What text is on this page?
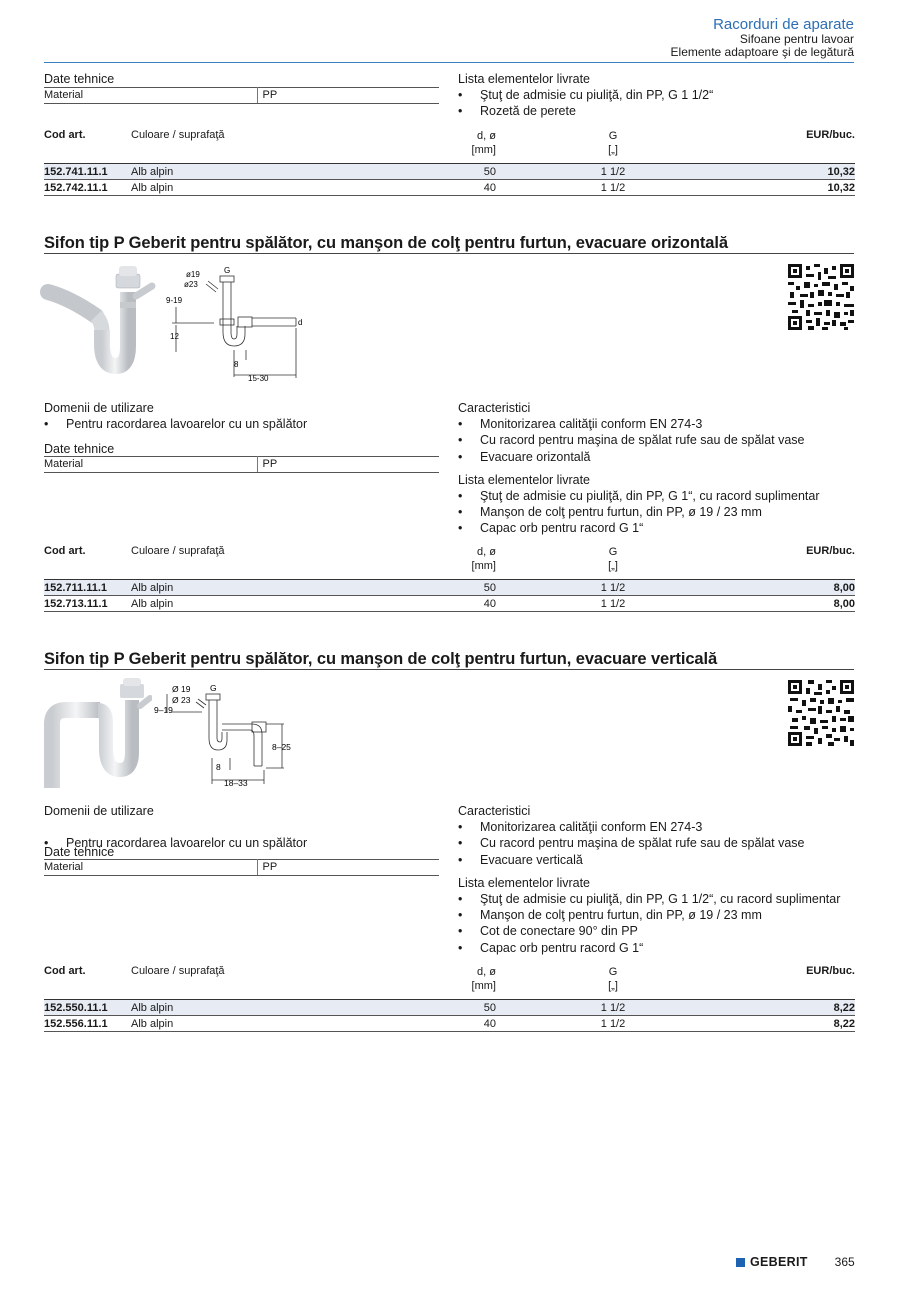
Racorduri de aparate
Sifoane pentru lavoar
Elemente adaptoare şi de legătură
Date tehnice
Material	PP
Lista elementelor livrate
• Ştuţ de admisie cu piuliţă, din PP, G 1 1/2“
• Rozetă de perete
Cod art.	Culoare / suprafaţă	d, ø
[mm]
G
[„]
EUR/buc.
152.741.11.1 Alb alpin	50	1 1/2	10,32
152.742.11.1 Alb alpin	40	1 1/2	10,32
Sifon tip P Geberit pentru spălător, cu manşon de colţ pentru furtun, evacuare orizontală
ø19
ø23
G
9-19
12
8
15-30
d
Domenii de utilizare
• Pentru racordarea lavoarelor cu un spălător
Date tehnice
Material	PP
Caracteristici
• Monitorizarea calităţii conform EN 274-3
• Cu racord pentru maşina de spălat rufe sau de spălat vase
• Evacuare orizontală
Lista elementelor livrate
• Ştuţ de admisie cu piuliţă, din PP, G 1“, cu racord suplimentar
• Manşon de colţ pentru furtun, din PP, ø 19 / 23 mm
• Capac orb pentru racord G 1“
Cod art.	Culoare / suprafaţă	d, ø
[mm]
G
[„]
EUR/buc.
152.711.11.1 Alb alpin	50	1 1/2	8,00
152.713.11.1 Alb alpin	40	1 1/2	8,00
Sifon tip P Geberit pentru spălător, cu manşon de colţ pentru furtun, evacuare verticală
Ø 19
Ø 23
G
9–19
8–25
8
18–33
Domenii de utilizare
• Pentru racordarea lavoarelor cu un spălător
Date tehnice
Material	PP
Caracteristici
• Monitorizarea calităţii conform EN 274-3
• Cu racord pentru maşina de spălat rufe sau de spălat vase
• Evacuare verticală
Lista elementelor livrate
• Ştuţ de admisie cu piuliţă, din PP, G 1 1/2“, cu racord suplimentar
• Manşon de colţ pentru furtun, din PP, ø 19 / 23 mm
• Cot de conectare 90° din PP
• Capac orb pentru racord G 1“
Cod art.	Culoare / suprafaţă	d, ø
[mm]
G
[„]
EUR/buc.
152.550.11.1 Alb alpin	50	1 1/2	8,22
152.556.11.1 Alb alpin	40	1 1/2	8,22
GEBERIT 365
